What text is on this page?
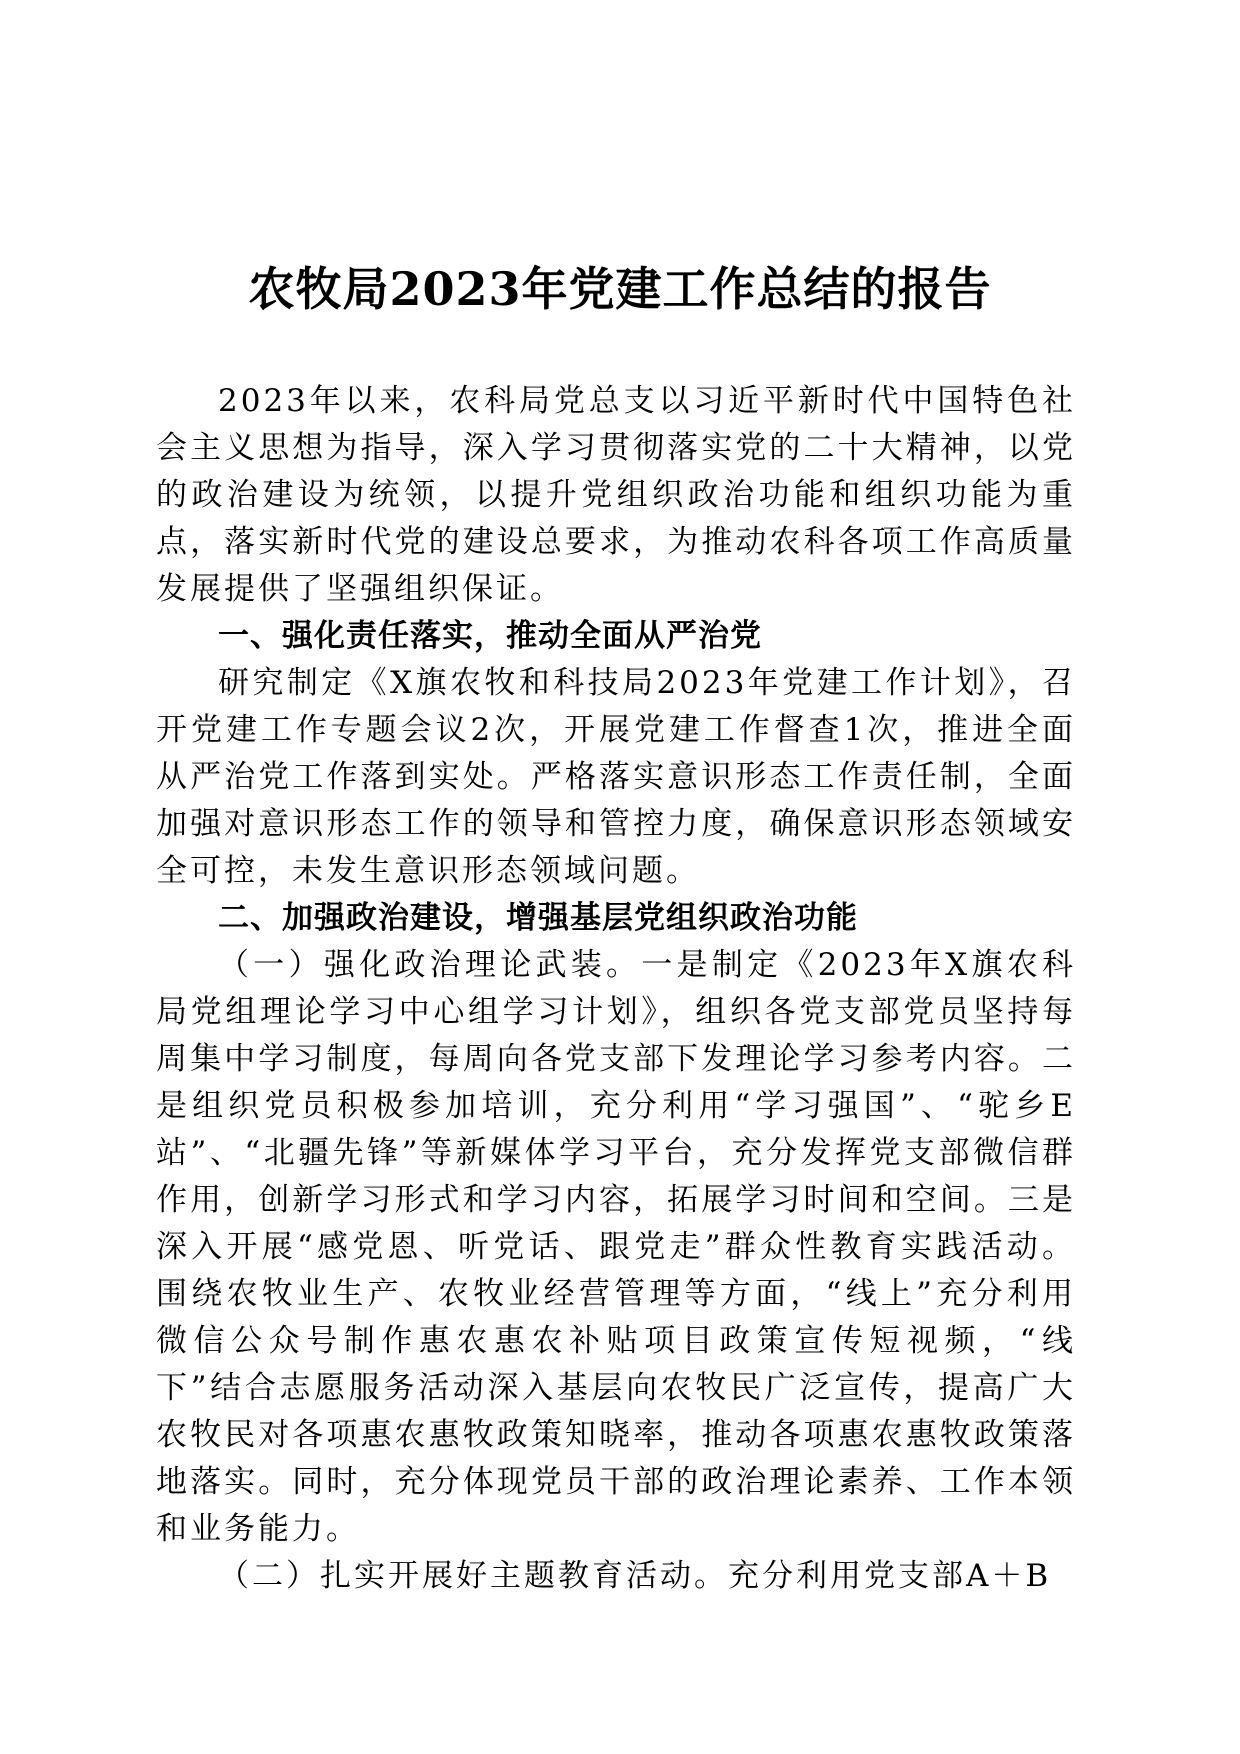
农牧局2023年党建工作总结的报告

2023年以来，农科局党总支以习近平新时代中国特色社会主义思想为指导，深入学习贯彻落实党的二十大精神，以党的政治建设为统领，以提升党组织政治功能和组织功能为重点，落实新时代党的建设总要求，为推动农科各项工作高质量发展提供了坚强组织保证。

一、强化责任落实，推动全面从严治党

研究制定《X旗农牧和科技局2023年党建工作计划》，召开党建工作专题会议2次，开展党建工作督查1次，推进全面从严治党工作落到实处。严格落实意识形态工作责任制，全面加强对意识形态工作的领导和管控力度，确保意识形态领域安全可控，未发生意识形态领域问题。

二、加强政治建设，增强基层党组织政治功能

（一）强化政治理论武装。一是制定《2023年X旗农科局党组理论学习中心组学习计划》，组织各党支部党员坚持每周集中学习制度，每周向各党支部下发理论学习参考内容。二是组织党员积极参加培训，充分利用“学习强国”、“驼乡E站”、“北疆先锋”等新媒体学习平台，充分发挥党支部微信群作用，创新学习形式和学习内容，拓展学习时间和空间。三是深入开展“感党恩、听党话、跟党走”群众性教育实践活动。围绕农牧业生产、农牧业经营管理等方面，“线上”充分利用微信公众号制作惠农惠农补贴项目政策宣传短视频，“线下”结合志愿服务活动深入基层向农牧民广泛宣传，提高广大农牧民对各项惠农惠牧政策知晓率，推动各项惠农惠牧政策落地落实。同时，充分体现党员干部的政治理论素养、工作本领和业务能力。

（二）扎实开展好主题教育活动。充分利用党支部A＋B
